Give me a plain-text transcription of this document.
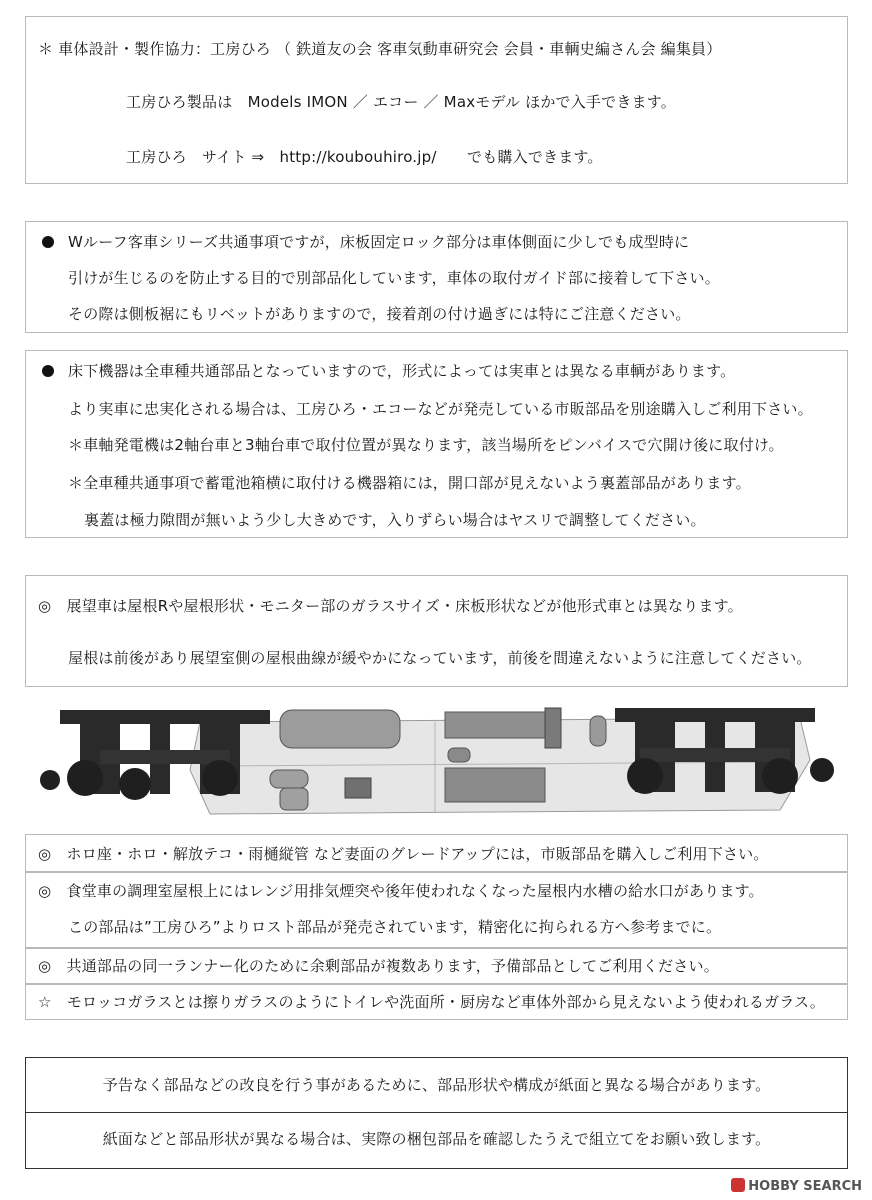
＊ 車体設計・製作協力：工房ひろ （ 鉄道友の会 客車気動車研究会 会員・車輌史編さん会 編集員）
工房ひろ製品は　Models IMON ／ エコー ／ Maxモデル ほかで入手できます。
工房ひろ　サイト ⇒　http://koubouhiro.jp/　　でも購入できます。
Wルーフ客車シリーズ共通事項ですが，床板固定ロック部分は車体側面に少しでも成型時に
引けが生じるのを防止する目的で別部品化しています，車体の取付ガイド部に接着して下さい。
その際は側板裾にもリベットがありますので，接着剤の付け過ぎには特にご注意ください。
床下機器は全車種共通部品となっていますので，形式によっては実車とは異なる車輌があります。
より実車に忠実化される場合は、工房ひろ・エコーなどが発売している市販部品を別途購入しご利用下さい。
＊車軸発電機は2軸台車と3軸台車で取付位置が異なります，該当場所をピンバイスで穴開け後に取付け。
＊全車種共通事項で蓄電池箱横に取付ける機器箱には，開口部が見えないよう裏蓋部品があります。
裏蓋は極力隙間が無いよう少し大きめです，入りずらい場合はヤスリで調整してください。
◎　展望車は屋根Rや屋根形状・モニター部のガラスサイズ・床板形状などが他形式車とは異なります。
屋根は前後があり展望室側の屋根曲線が緩やかになっています，前後を間違えないように注意してください。
◎　ホロ座・ホロ・解放テコ・雨樋縦管 など妻面のグレードアップには，市販部品を購入しご利用下さい。
◎　食堂車の調理室屋根上にはレンジ用排気煙突や後年使われなくなった屋根内水槽の給水口があります。
この部品は”工房ひろ”よりロスト部品が発売されています，精密化に拘られる方へ参考までに。
◎　共通部品の同一ランナー化のために余剰部品が複数あります，予備部品としてご利用ください。
☆　モロッコガラスとは擦りガラスのようにトイレや洗面所・厨房など車体外部から見えないよう使われるガラス。
予告なく部品などの改良を行う事があるために、部品形状や構成が紙面と異なる場合があります。
紙面などと部品形状が異なる場合は、実際の梱包部品を確認したうえで組立てをお願い致します。
HOBBY SEARCH
